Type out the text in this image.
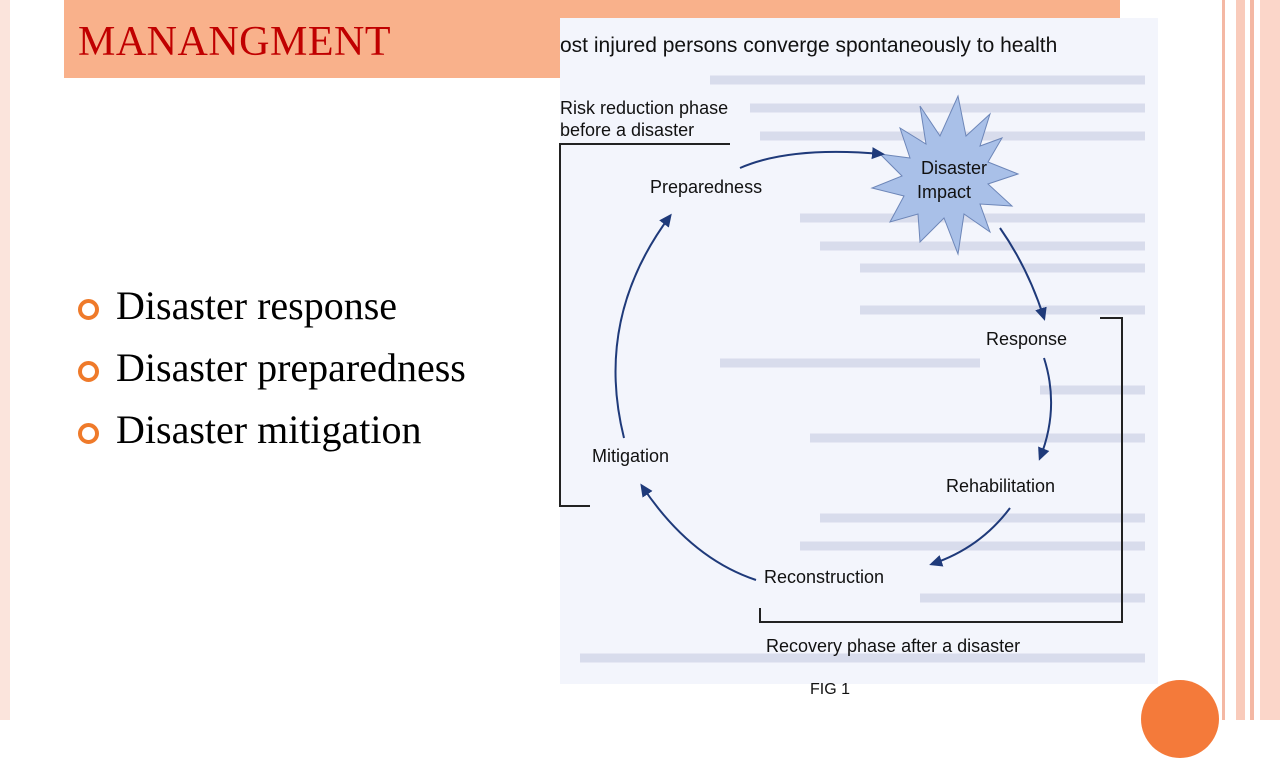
MANANGMENT
Disaster response
Disaster preparedness
Disaster mitigation
ost injured persons converge spontaneously to health
Risk reduction phase
before a disaster
Disaster
Impact
Preparedness
Response
Rehabilitation
Reconstruction
Mitigation
Recovery phase after a disaster
FIG 1
